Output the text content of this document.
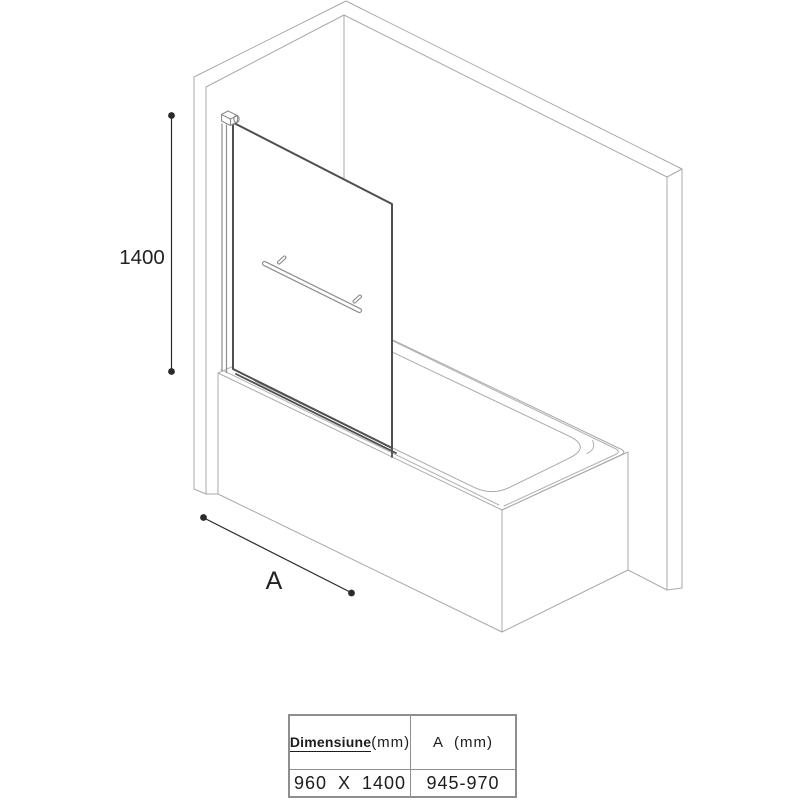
1400
A
Dimensiune (mm) A (mm)
960 X 1400 945-970
